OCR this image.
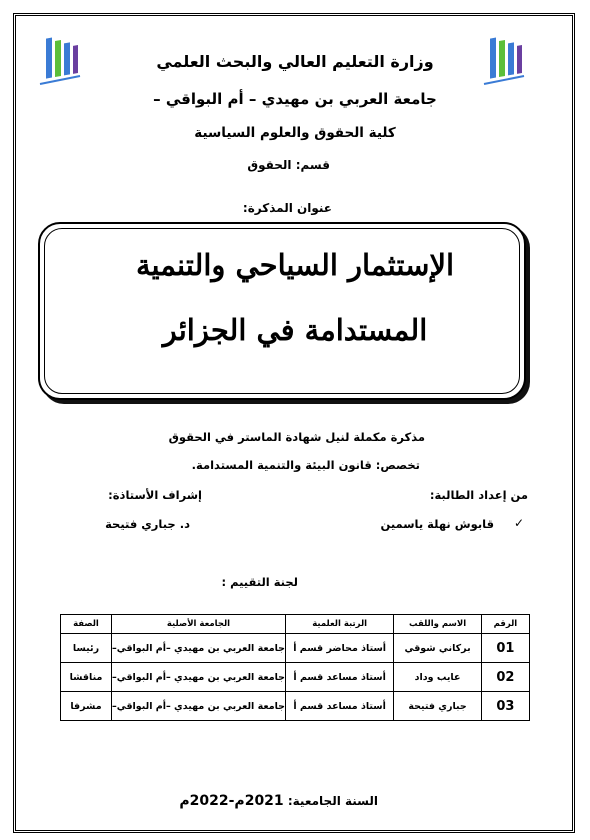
وزارة التعليم العالي والبحث العلمي
جامعة العربي بن مهيدي – أم البواقي –
كلية الحقوق والعلوم السياسية
قسم: الحقوق
عنوان المذكرة:
الإستثمار السياحي والتنمية
المستدامة في الجزائر
مذكرة مكملة لنيل شهادة الماستر في الحقوق
تخصص: قانون البيئة والتنمية المستدامة.
من إعداد الطالبة:
إشراف الأستاذة:
✓
قابوش نهلة ياسمين
د. جباري فتيحة
لجنة التقييم :
الرقم	الاسم واللقب	الرتبة العلمية	الجامعة الأصلية	الصفة
01	بركاني شوقي	أستاذ محاضر قسم أ	جامعة العربي بن مهيدي –أم البواقي–	رئيسا
02	عايب وداد	أستاذ مساعد قسم أ	جامعة العربي بن مهيدي –أم البواقي–	مناقشا
03	جباري فتيحة	أستاذ مساعد قسم أ	جامعة العربي بن مهيدي –أم البواقي–	مشرفا
السنة الجامعية: 2021م-2022م
